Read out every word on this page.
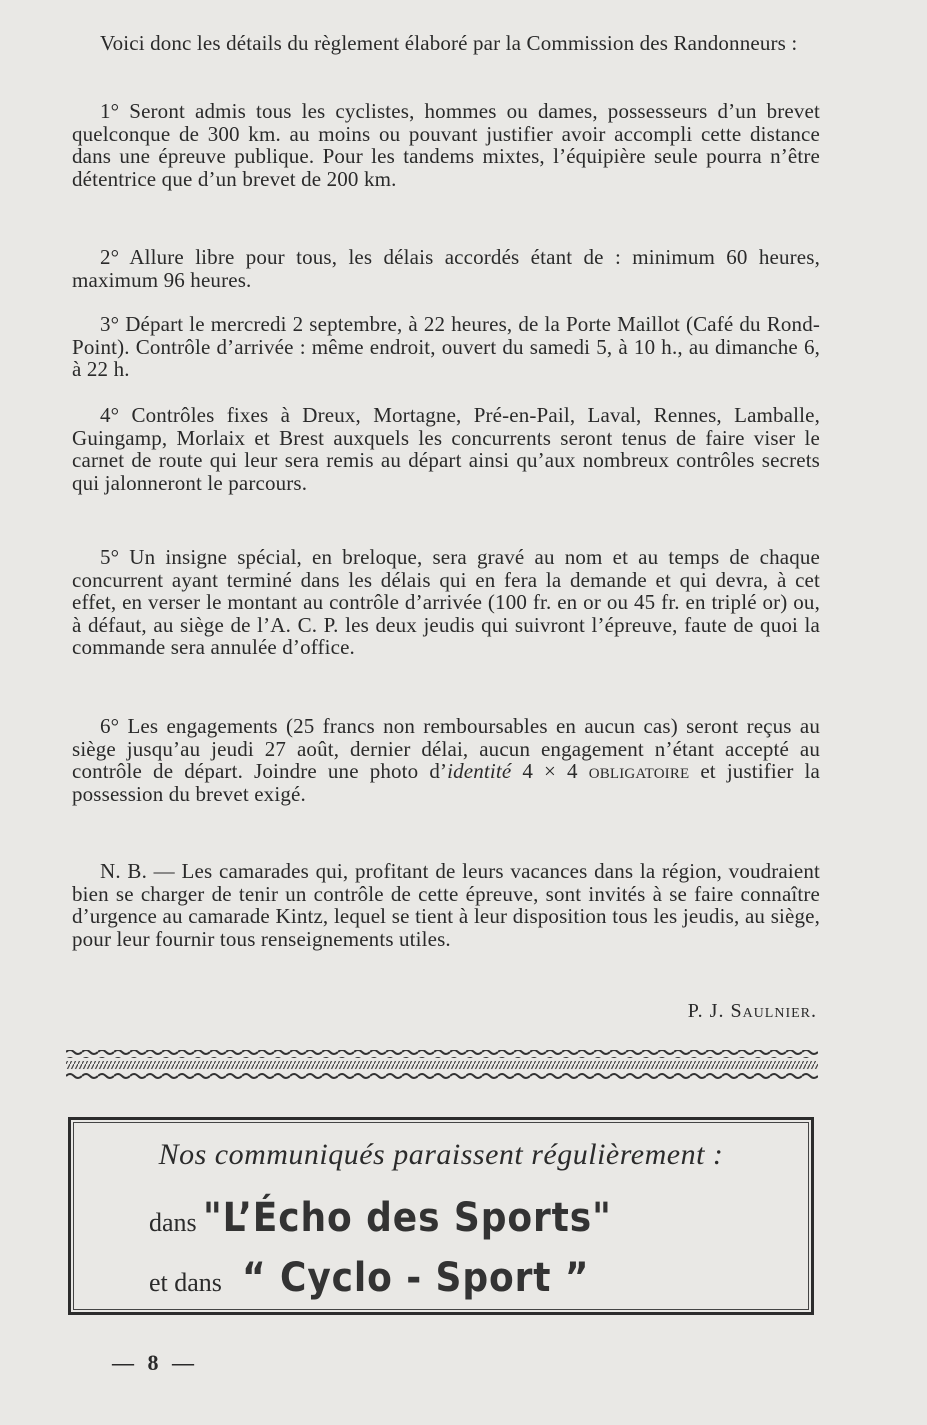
Voici donc les détails du règlement élaboré par la Commission des Randonneurs :

1° Seront admis tous les cyclistes, hommes ou dames, possesseurs d’un brevet quelconque de 300 km. au moins ou pouvant justifier avoir accompli cette distance dans une épreuve publique. Pour les tandems mixtes, l’équipière seule pourra n’être détentrice que d’un brevet de 200 km.

2° Allure libre pour tous, les délais accordés étant de : minimum 60 heures, maximum 96 heures.

3° Départ le mercredi 2 septembre, à 22 heures, de la Porte Maillot (Café du Rond-Point). Contrôle d’arrivée : même endroit, ouvert du samedi 5, à 10 h., au dimanche 6, à 22 h.

4° Contrôles fixes à Dreux, Mortagne, Pré-en-Pail, Laval, Rennes, Lamballe, Guingamp, Morlaix et Brest auxquels les concurrents seront tenus de faire viser le carnet de route qui leur sera remis au départ ainsi qu’aux nombreux contrôles secrets qui jalonneront le parcours.

5° Un insigne spécial, en breloque, sera gravé au nom et au temps de chaque concurrent ayant terminé dans les délais qui en fera la demande et qui devra, à cet effet, en verser le montant au contrôle d’arrivée (100 fr. en or ou 45 fr. en triplé or) ou, à défaut, au siège de l’A. C. P. les deux jeudis qui suivront l’épreuve, faute de quoi la commande sera annulée d’office.

6° Les engagements (25 francs non remboursables en aucun cas) seront reçus au siège jusqu’au jeudi 27 août, dernier délai, aucun engagement n’étant accepté au contrôle de départ. Joindre une photo d’identité 4 × 4 obligatoire et justifier la possession du brevet exigé.

N. B. — Les camarades qui, profitant de leurs vacances dans la région, voudraient bien se charger de tenir un contrôle de cette épreuve, sont invités à se faire connaître d’urgence au camarade Kintz, lequel se tient à leur disposition tous les jeudis, au siège, pour leur fournir tous renseignements utiles.

P. J. Saulnier.
Nos communiqués paraissent régulièrement :
dans "L’Écho des Sports"
et dans “ Cyclo - Sport ”
— 8 —
